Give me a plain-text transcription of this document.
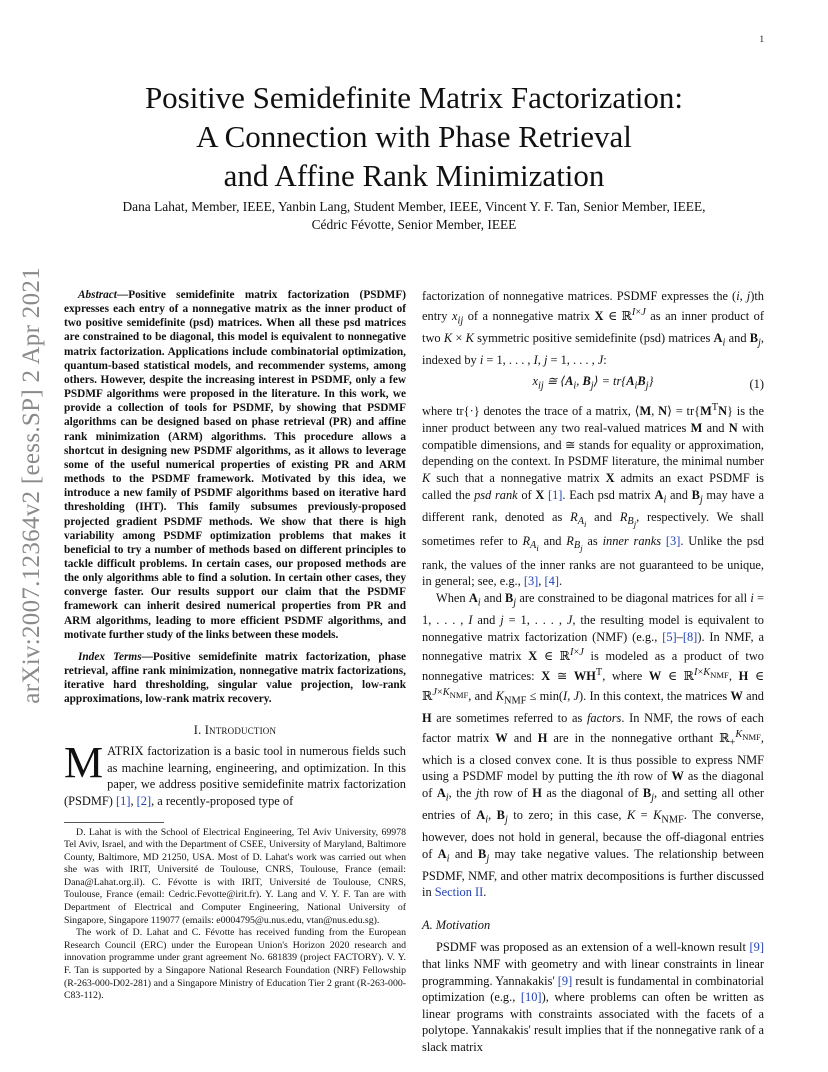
1
arXiv:2007.12364v2 [eess.SP] 2 Apr 2021
Positive Semidefinite Matrix Factorization:
A Connection with Phase Retrieval
and Affine Rank Minimization
Dana Lahat, Member, IEEE, Yanbin Lang, Student Member, IEEE, Vincent Y. F. Tan, Senior Member, IEEE,
Cédric Févotte, Senior Member, IEEE

Abstract—Positive semidefinite matrix factorization (PSDMF) expresses each entry of a nonnegative matrix as the inner product of two positive semidefinite (psd) matrices. When all these psd matrices are constrained to be diagonal, this model is equivalent to nonnegative matrix factorization. Applications include combinatorial optimization, quantum-based statistical models, and recommender systems, among others. However, despite the increasing interest in PSDMF, only a few PSDMF algorithms were proposed in the literature. In this work, we provide a collection of tools for PSDMF, by showing that PSDMF algorithms can be designed based on phase retrieval (PR) and affine rank minimization (ARM) algorithms. This procedure allows a shortcut in designing new PSDMF algorithms, as it allows to leverage some of the useful numerical properties of existing PR and ARM methods to the PSDMF framework. Motivated by this idea, we introduce a new family of PSDMF algorithms based on iterative hard thresholding (IHT). This family subsumes previously-proposed projected gradient PSDMF methods. We show that there is high variability among PSDMF optimization problems that makes it beneficial to try a number of methods based on different principles to tackle difficult problems. In certain cases, our proposed methods are the only algorithms able to find a solution. In certain other cases, they converge faster. Our results support our claim that the PSDMF framework can inherit desired numerical properties from PR and ARM algorithms, leading to more efficient PSDMF algorithms, and motivate further study of the links between these models.

Index Terms—Positive semidefinite matrix factorization, phase retrieval, affine rank minimization, nonnegative matrix factorizations, iterative hard thresholding, singular value projection, low-rank approximations, low-rank matrix recovery.

I. Introduction

MATRIX factorization is a basic tool in numerous fields such as machine learning, engineering, and optimization. In this paper, we address positive semidefinite matrix factorization (PSDMF) [1], [2], a recently-proposed type of

D. Lahat is with the School of Electrical Engineering, Tel Aviv University, 69978 Tel Aviv, Israel, and with the Department of CSEE, University of Maryland, Baltimore County, Baltimore, MD 21250, USA. Most of D. Lahat's work was carried out when she was with IRIT, Université de Toulouse, CNRS, Toulouse, France (email: Dana@Lahat.org.il). C. Févotte is with IRIT, Université de Toulouse, CNRS, Toulouse, France (email: Cedric.Fevotte@irit.fr). Y. Lang and V. Y. F. Tan are with Department of Electrical and Computer Engineering, National University of Singapore, Singapore 119077 (emails: e0004795@u.nus.edu, vtan@nus.edu.sg).

The work of D. Lahat and C. Févotte has received funding from the European Research Council (ERC) under the European Union's Horizon 2020 research and innovation programme under grant agreement No. 681839 (project FACTORY). V. Y. F. Tan is supported by a Singapore National Research Foundation (NRF) Fellowship (R-263-000-D02-281) and a Singapore Ministry of Education Tier 2 grant (R-263-000-C83-112).

factorization of nonnegative matrices. PSDMF expresses the (i, j)th entry $x_{ij}$ of a nonnegative matrix X ∈ ℝ$^{I\times J}$ as an inner product of two K × K symmetric positive semidefinite (psd) matrices $A_i$ and $B_j$, indexed by i = 1, . . . , I, j = 1, . . . , J:

$x_{ij}$ ≅ $⟨A_i$, $B_j⟩ = tr\{A_iB_j\}$	(1)

where tr{·} denotes the trace of a matrix, ⟨M, N⟩ = $tr\{M^TN\}$ is the inner product between any two real-valued matrices M and N with compatible dimensions, and ≅ stands for equality or approximation, depending on the context. In PSDMF literature, the minimal number K such that a nonnegative matrix X admits an exact PSDMF is called the psd rank of X [1]. Each psd matrix $A_i$ and $B_j$ may have a different rank, denoted as $R_{A_i}$ and $R_{B_j}$, respectively. We shall sometimes refer to $R_{A_i}$ and $R_{B_j}$ as inner ranks [3]. Unlike the psd rank, the values of the inner ranks are not guaranteed to be unique, in general; see, e.g., [3], [4].

When $A_i$ and $B_j$ are constrained to be diagonal matrices for all i = 1, . . . , I and j = 1, . . . , J, the resulting model is equivalent to nonnegative matrix factorization (NMF) (e.g., [5]–[8]). In NMF, a nonnegative matrix X ∈ ℝ$^{I\times J}$ is modeled as a product of two nonnegative matrices: X ≅ $WH^T$, where W ∈ ℝ$^{I\times K_{NMF}}$, H ∈ ℝ$^{J\times K_{NMF}}$, and $K_{NMF} \le \min(I$, J). In this context, the matrices W and H are sometimes referred to as factors. In NMF, the rows of each factor matrix W and H are in the nonnegative orthant ℝ$_+^{K_{NMF}}$, which is a closed convex cone. It is thus possible to express NMF using a PSDMF model by putting the ith row of W as the diagonal of $A_i$, the jth row of H as the diagonal of $B_j$, and setting all other entries of $A_i$, $B_j$ to zero; in this case, $K = K_{NMF}$. The converse, however, does not hold in general, because the off-diagonal entries of $A_i$ and $B_j$ may take negative values. The relationship between PSDMF, NMF, and other matrix decompositions is further discussed in Section II.

A. Motivation

PSDMF was proposed as an extension of a well-known result [9] that links NMF with geometry and with linear constraints in linear programming. Yannakakis' [9] result is fundamental in combinatorial optimization (e.g., [10]), where problems can often be written as linear programs with constraints associated with the facets of a polytope. Yannakakis' result implies that if the nonnegative rank of a slack matrix
